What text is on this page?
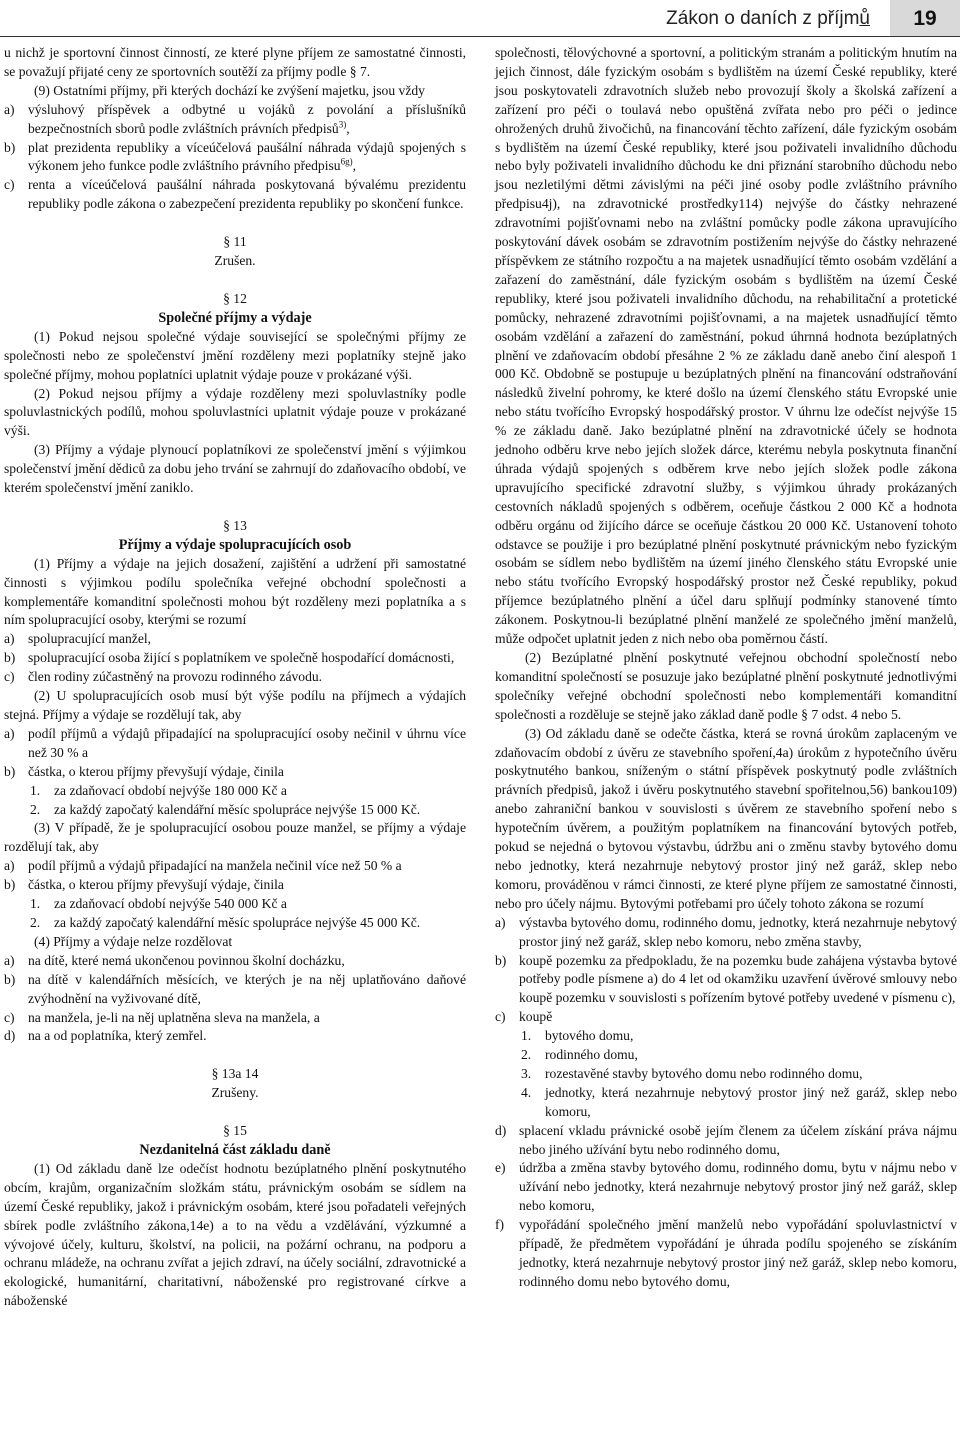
Zákon o daních z příjmů	19

u nichž je sportovní činnost činností, ze které plyne příjem ze samostatné činnosti, se považují přijaté ceny ze sportovních soutěží za příjmy podle § 7.

(9) Ostatními příjmy, při kterých dochází ke zvýšení majetku, jsou vždy

a) výsluhový příspěvek a odbytné u vojáků z povolání a příslušníků bezpečnostních sborů podle zvláštních právních předpisů$^{3)}$,
b) plat prezidenta republiky a víceúčelová paušální náhrada výdajů spojených s výkonem jeho funkce podle zvláštního právního předpisu$^{6g)}$,
c) renta a víceúčelová paušální náhrada poskytovaná bývalému prezidentu republiky podle zákona o zabezpečení prezidenta republiky po skončení funkce.

§ 11

Zrušen.

§ 12

Společné příjmy a výdaje

(1) Pokud nejsou společné výdaje související se společnými příjmy ze společnosti nebo ze společenství jmění rozděleny mezi poplatníky stejně jako společné příjmy, mohou poplatníci uplatnit výdaje pouze v prokázané výši.

(2) Pokud nejsou příjmy a výdaje rozděleny mezi spoluvlastníky podle spoluvlastnických podílů, mohou spoluvlastníci uplatnit výdaje pouze v prokázané výši.

(3) Příjmy a výdaje plynoucí poplatníkovi ze společenství jmění s výjimkou společenství jmění dědiců za dobu jeho trvání se zahrnují do zdaňovacího období, ve kterém společenství jmění zaniklo.

§ 13

Příjmy a výdaje spolupracujících osob

(1) Příjmy a výdaje na jejich dosažení, zajištění a udržení při samostatné činnosti s výjimkou podílu společníka veřejné obchodní společnosti a komplementáře komanditní společnosti mohou být rozděleny mezi poplatníka a s ním spolupracující osoby, kterými se rozumí

a) spolupracující manžel,
b) spolupracující osoba žijící s poplatníkem ve společně hospodařící domácnosti,
c) člen rodiny zúčastněný na provozu rodinného závodu.

(2) U spolupracujících osob musí být výše podílu na příjmech a výdajích stejná. Příjmy a výdaje se rozdělují tak, aby

a) podíl příjmů a výdajů připadající na spolupracující osoby nečinil v úhrnu více než 30 % a
b) částka, o kterou příjmy převyšují výdaje, činila
1.	za zdaňovací období nejvýše 180 000 Kč a
2.	za každý započatý kalendářní měsíc spolupráce nejvýše 15 000 Kč.

(3) V případě, že je spolupracující osobou pouze manžel, se příjmy a výdaje rozdělují tak, aby

a) podíl příjmů a výdajů připadající na manžela nečinil více než 50 % a
b) částka, o kterou příjmy převyšují výdaje, činila
1.	za zdaňovací období nejvýše 540 000 Kč a
2.	za každý započatý kalendářní měsíc spolupráce nejvýše 45 000 Kč.

(4) Příjmy a výdaje nelze rozdělovat

a) na dítě, které nemá ukončenou povinnou školní docházku,
b) na dítě v kalendářních měsících, ve kterých je na něj uplatňováno daňové zvýhodnění na vyživované dítě,
c) na manžela, je-li na něj uplatněna sleva na manžela, a
d) na a od poplatníka, který zemřel.

§ 13a 14

Zrušeny.

§ 15

Nezdanitelná část základu daně

(1) Od základu daně lze odečíst hodnotu bezúplatného plnění poskytnutého obcím, krajům, organizačním složkám státu, právnickým osobám se sídlem na území České republiky, jakož i právnickým osobám, které jsou pořadateli veřejných sbírek podle zvláštního zákona,14e) a to na vědu a vzdělávání, výzkumné a vývojové účely, kulturu, školství, na policii, na požární ochranu, na podporu a ochranu mládeže, na ochranu zvířat a jejich zdraví, na účely sociální, zdravotnické a ekologické, humanitární, charitativní, náboženské pro registrované církve a náboženské

společnosti, tělovýchovné a sportovní, a politickým stranám a politickým hnutím na jejich činnost, dále fyzickým osobám s bydlištěm na území České republiky, které jsou poskytovateli zdravotních služeb nebo provozují školy a školská zařízení a zařízení pro péči o toulavá nebo opuštěná zvířata nebo pro péči o jedince ohrožených druhů živočichů, na financování těchto zařízení, dále fyzickým osobám s bydlištěm na území České republiky, které jsou poživateli invalidního důchodu nebo byly poživateli invalidního důchodu ke dni přiznání starobního důchodu nebo jsou nezletilými dětmi závislými na péči jiné osoby podle zvláštního právního předpisu4j), na zdravotnické prostředky114) nejvýše do částky nehrazené zdravotními pojišťovnami nebo na zvláštní pomůcky podle zákona upravujícího poskytování dávek osobám se zdravotním postižením nejvýše do částky nehrazené příspěvkem ze státního rozpočtu a na majetek usnadňující těmto osobám vzdělání a zařazení do zaměstnání, dále fyzickým osobám s bydlištěm na území České republiky, které jsou poživateli invalidního důchodu, na rehabilitační a protetické pomůcky, nehrazené zdravotními pojišťovnami, a na majetek usnadňující těmto osobám vzdělání a zařazení do zaměstnání, pokud úhrnná hodnota bezúplatných plnění ve zdaňovacím období přesáhne 2 % ze základu daně anebo činí alespoň 1 000 Kč. Obdobně se postupuje u bezúplatných plnění na financování odstraňování následků živelní pohromy, ke které došlo na území členského státu Evropské unie nebo státu tvořícího Evropský hospodářský prostor. V úhrnu lze odečíst nejvýše 15 % ze základu daně. Jako bezúplatné plnění na zdravotnické účely se hodnota jednoho odběru krve nebo jejích složek dárce, kterému nebyla poskytnuta finanční úhrada výdajů spojených s odběrem krve nebo jejích složek podle zákona upravujícího specifické zdravotní služby, s výjimkou úhrady prokázaných cestovních nákladů spojených s odběrem, oceňuje částkou 2 000 Kč a hodnota odběru orgánu od žijícího dárce se oceňuje částkou 20 000 Kč. Ustanovení tohoto odstavce se použije i pro bezúplatné plnění poskytnuté právnickým nebo fyzickým osobám se sídlem nebo bydlištěm na území jiného členského státu Evropské unie nebo státu tvořícího Evropský hospodářský prostor než České republiky, pokud příjemce bezúplatného plnění a účel daru splňují podmínky stanovené tímto zákonem. Poskytnou-li bezúplatné plnění manželé ze společného jmění manželů, může odpočet uplatnit jeden z nich nebo oba poměrnou částí.

(2) Bezúplatné plnění poskytnuté veřejnou obchodní společností nebo komanditní společností se posuzuje jako bezúplatné plnění poskytnuté jednotlivými společníky veřejné obchodní společnosti nebo komplementáři komanditní společnosti a rozděluje se stejně jako základ daně podle § 7 odst. 4 nebo 5.

(3) Od základu daně se odečte částka, která se rovná úrokům zaplaceným ve zdaňovacím období z úvěru ze stavebního spoření,4a) úrokům z hypotečního úvěru poskytnutého bankou, sníženým o státní příspěvek poskytnutý podle zvláštních právních předpisů, jakož i úvěru poskytnutého stavební spořitelnou,56) bankou109) anebo zahraniční bankou v souvislosti s úvěrem ze stavebního spoření nebo s hypotečním úvěrem, a použitým poplatníkem na financování bytových potřeb, pokud se nejedná o bytovou výstavbu, údržbu ani o změnu stavby bytového domu nebo jednotky, která nezahrnuje nebytový prostor jiný než garáž, sklep nebo komoru, prováděnou v rámci činnosti, ze které plyne příjem ze samostatné činnosti, nebo pro účely nájmu. Bytovými potřebami pro účely tohoto zákona se rozumí

a) výstavba bytového domu, rodinného domu, jednotky, která nezahrnuje nebytový prostor jiný než garáž, sklep nebo komoru, nebo změna stavby,
b) koupě pozemku za předpokladu, že na pozemku bude zahájena výstavba bytové potřeby podle písmene a) do 4 let od okamžiku uzavření úvěrové smlouvy nebo koupě pozemku v souvislosti s pořízením bytové potřeby uvedené v písmenu c),
c) koupě
1.	bytového domu,
2.	rodinného domu,
3.	rozestavěné stavby bytového domu nebo rodinného domu,
4.	jednotky, která nezahrnuje nebytový prostor jiný než garáž, sklep nebo komoru,
d) splacení vkladu právnické osobě jejím členem za účelem získání práva nájmu nebo jiného užívání bytu nebo rodinného domu,
e) údržba a změna stavby bytového domu, rodinného domu, bytu v nájmu nebo v užívání nebo jednotky, která nezahrnuje nebytový prostor jiný než garáž, sklep nebo komoru,
f)	vypořádání společného jmění manželů nebo vypořádání spoluvlastnictví v případě, že předmětem vypořádání je úhrada podílu spojeného se získáním jednotky, která nezahrnuje nebytový prostor jiný než garáž, sklep nebo komoru, rodinného domu nebo bytového domu,
